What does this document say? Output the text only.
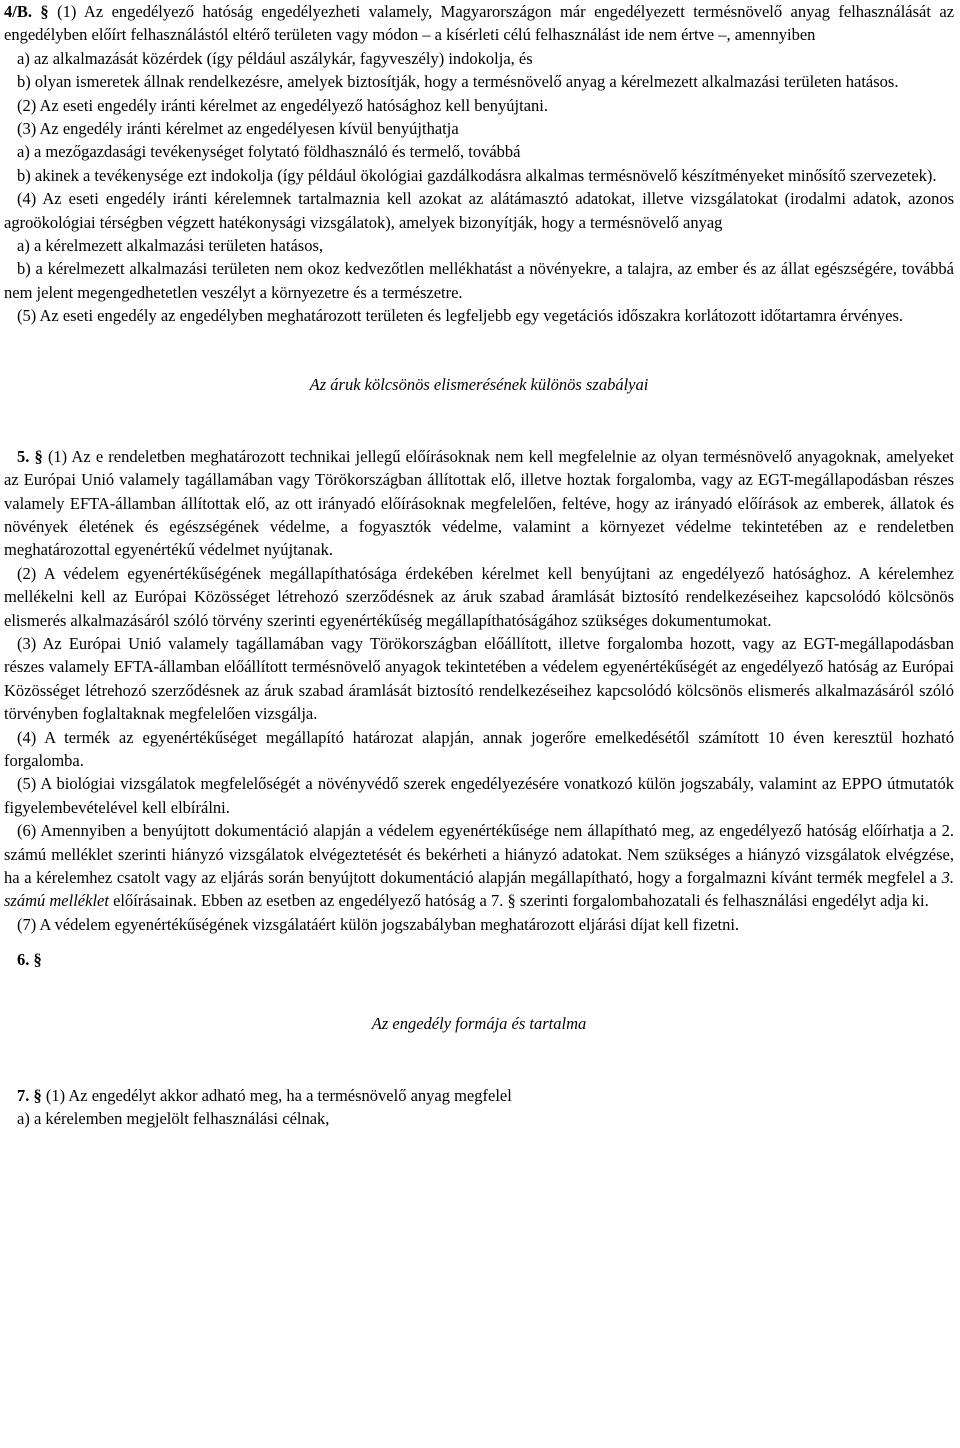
4/B. § (1) Az engedélyező hatóság engedélyezheti valamely, Magyarországon már engedélyezett termésnövelő anyag felhasználását az engedélyben előírt felhasználástól eltérő területen vagy módon – a kísérleti célú felhasználást ide nem értve –, amennyiben

a) az alkalmazását közérdek (így például aszálykár, fagyveszély) indokolja, és

b) olyan ismeretek állnak rendelkezésre, amelyek biztosítják, hogy a termésnövelő anyag a kérelmezett alkalmazási területen hatásos.

(2) Az eseti engedély iránti kérelmet az engedélyező hatósághoz kell benyújtani.

(3) Az engedély iránti kérelmet az engedélyesen kívül benyújthatja

a) a mezőgazdasági tevékenységet folytató földhasználó és termelő, továbbá

b) akinek a tevékenysége ezt indokolja (így például ökológiai gazdálkodásra alkalmas termésnövelő készítményeket minősítő szervezetek).

(4) Az eseti engedély iránti kérelemnek tartalmaznia kell azokat az alátámasztó adatokat, illetve vizsgálatokat (irodalmi adatok, azonos agroökológiai térségben végzett hatékonysági vizsgálatok), amelyek bizonyítják, hogy a termésnövelő anyag

a) a kérelmezett alkalmazási területen hatásos,

b) a kérelmezett alkalmazási területen nem okoz kedvezőtlen mellékhatást a növényekre, a talajra, az ember és az állat egészségére, továbbá nem jelent megengedhetetlen veszélyt a környezetre és a természetre.

(5) Az eseti engedély az engedélyben meghatározott területen és legfeljebb egy vegetációs időszakra korlátozott időtartamra érvényes.

Az áruk kölcsönös elismerésének különös szabályai

5. § (1) Az e rendeletben meghatározott technikai jellegű előírásoknak nem kell megfelelnie az olyan termésnövelő anyagoknak, amelyeket az Európai Unió valamely tagállamában vagy Törökországban állítottak elő, illetve hoztak forgalomba, vagy az EGT-megállapodásban részes valamely EFTA-államban állítottak elő, az ott irányadó előírásoknak megfelelően, feltéve, hogy az irányadó előírások az emberek, állatok és növények életének és egészségének védelme, a fogyasztók védelme, valamint a környezet védelme tekintetében az e rendeletben meghatározottal egyenértékű védelmet nyújtanak.

(2) A védelem egyenértékűségének megállapíthatósága érdekében kérelmet kell benyújtani az engedélyező hatósághoz. A kérelemhez mellékelni kell az Európai Közösséget létrehozó szerződésnek az áruk szabad áramlását biztosító rendelkezéseihez kapcsolódó kölcsönös elismerés alkalmazásáról szóló törvény szerinti egyenértékűség megállapíthatóságához szükséges dokumentumokat.

(3) Az Európai Unió valamely tagállamában vagy Törökországban előállított, illetve forgalomba hozott, vagy az EGT-megállapodásban részes valamely EFTA-államban előállított termésnövelő anyagok tekintetében a védelem egyenértékűségét az engedélyező hatóság az Európai Közösséget létrehozó szerződésnek az áruk szabad áramlását biztosító rendelkezéseihez kapcsolódó kölcsönös elismerés alkalmazásáról szóló törvényben foglaltaknak megfelelően vizsgálja.

(4) A termék az egyenértékűséget megállapító határozat alapján, annak jogerőre emelkedésétől számított 10 éven keresztül hozható forgalomba.

(5) A biológiai vizsgálatok megfelelőségét a növényvédő szerek engedélyezésére vonatkozó külön jogszabály, valamint az EPPO útmutatók figyelembevételével kell elbírálni.

(6) Amennyiben a benyújtott dokumentáció alapján a védelem egyenértékűsége nem állapítható meg, az engedélyező hatóság előírhatja a 2. számú melléklet szerinti hiányzó vizsgálatok elvégeztetését és bekérheti a hiányzó adatokat. Nem szükséges a hiányzó vizsgálatok elvégzése, ha a kérelemhez csatolt vagy az eljárás során benyújtott dokumentáció alapján megállapítható, hogy a forgalmazni kívánt termék megfelel a 3. számú melléklet előírásainak. Ebben az esetben az engedélyező hatóság a 7. § szerinti forgalombahozatali és felhasználási engedélyt adja ki.

(7) A védelem egyenértékűségének vizsgálatáért külön jogszabályban meghatározott eljárási díjat kell fizetni.

6. §

Az engedély formája és tartalma

7. § (1) Az engedélyt akkor adható meg, ha a termésnövelő anyag megfelel

a) a kérelemben megjelölt felhasználási célnak,
